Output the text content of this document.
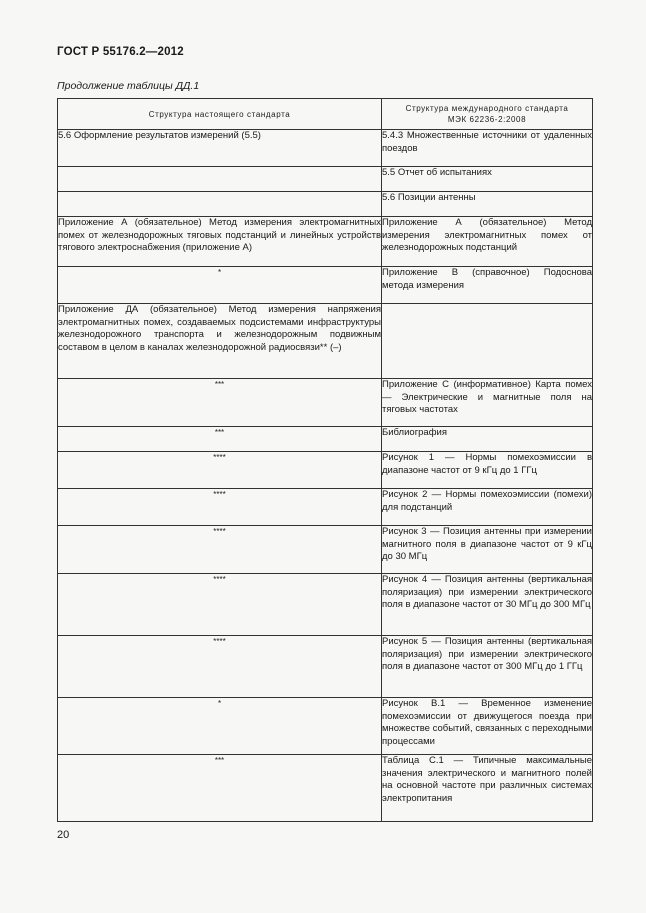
ГОСТ Р 55176.2—2012
Продолжение таблицы ДД.1
Структура настоящего стандарта	Структура международного стандарта
МЭК 62236-2:2008

5.6 Оформление результатов измерений (5.5)	5.4.3 Множественные источники от удаленных поездов
	5.5 Отчет об испытаниях
	5.6 Позиции антенны
Приложение А (обязательное) Метод измерения электромагнитных помех от железнодорожных тяговых подстанций и линейных устройств тягового электроснабжения (приложение А)	Приложение А (обязательное) Метод измерения электромагнитных помех от железнодорожных подстанций
*	Приложение В (справочное) Подоснова метода измерения
Приложение ДА (обязательное) Метод измерения напряжения электромагнитных помех, создаваемых подсистемами инфраструктуры железнодорожного транспорта и железнодорожным подвижным составом в целом в каналах железнодорожной радиосвязи** (–)	
***	Приложение С (информативное) Карта помех — Электрические и магнитные поля на тяговых частотах
***	Библиография
****	Рисунок 1 — Нормы помехоэмиссии в диапазоне частот от 9 кГц до 1 ГГц
****	Рисунок 2 — Нормы помехоэмиссии (помехи) для подстанций
****	Рисунок 3 — Позиция антенны при измерении магнитного поля в диапазоне частот от 9 кГц до 30 МГц
****	Рисунок 4 — Позиция антенны (вертикальная поляризация) при измерении электрического поля в диапазоне частот от 30 МГц до 300 МГц
****	Рисунок 5 — Позиция антенны (вертикальная поляризация) при измерении электрического поля в диапазоне частот от 300 МГц до 1 ГГц
*	Рисунок В.1 — Временное изменение помехоэмиссии от движущегося поезда при множестве событий, связанных с переходными процессами
***	Таблица С.1 — Типичные максимальные значения электрического и магнитного полей на основной частоте при различных системах электропитания
20
